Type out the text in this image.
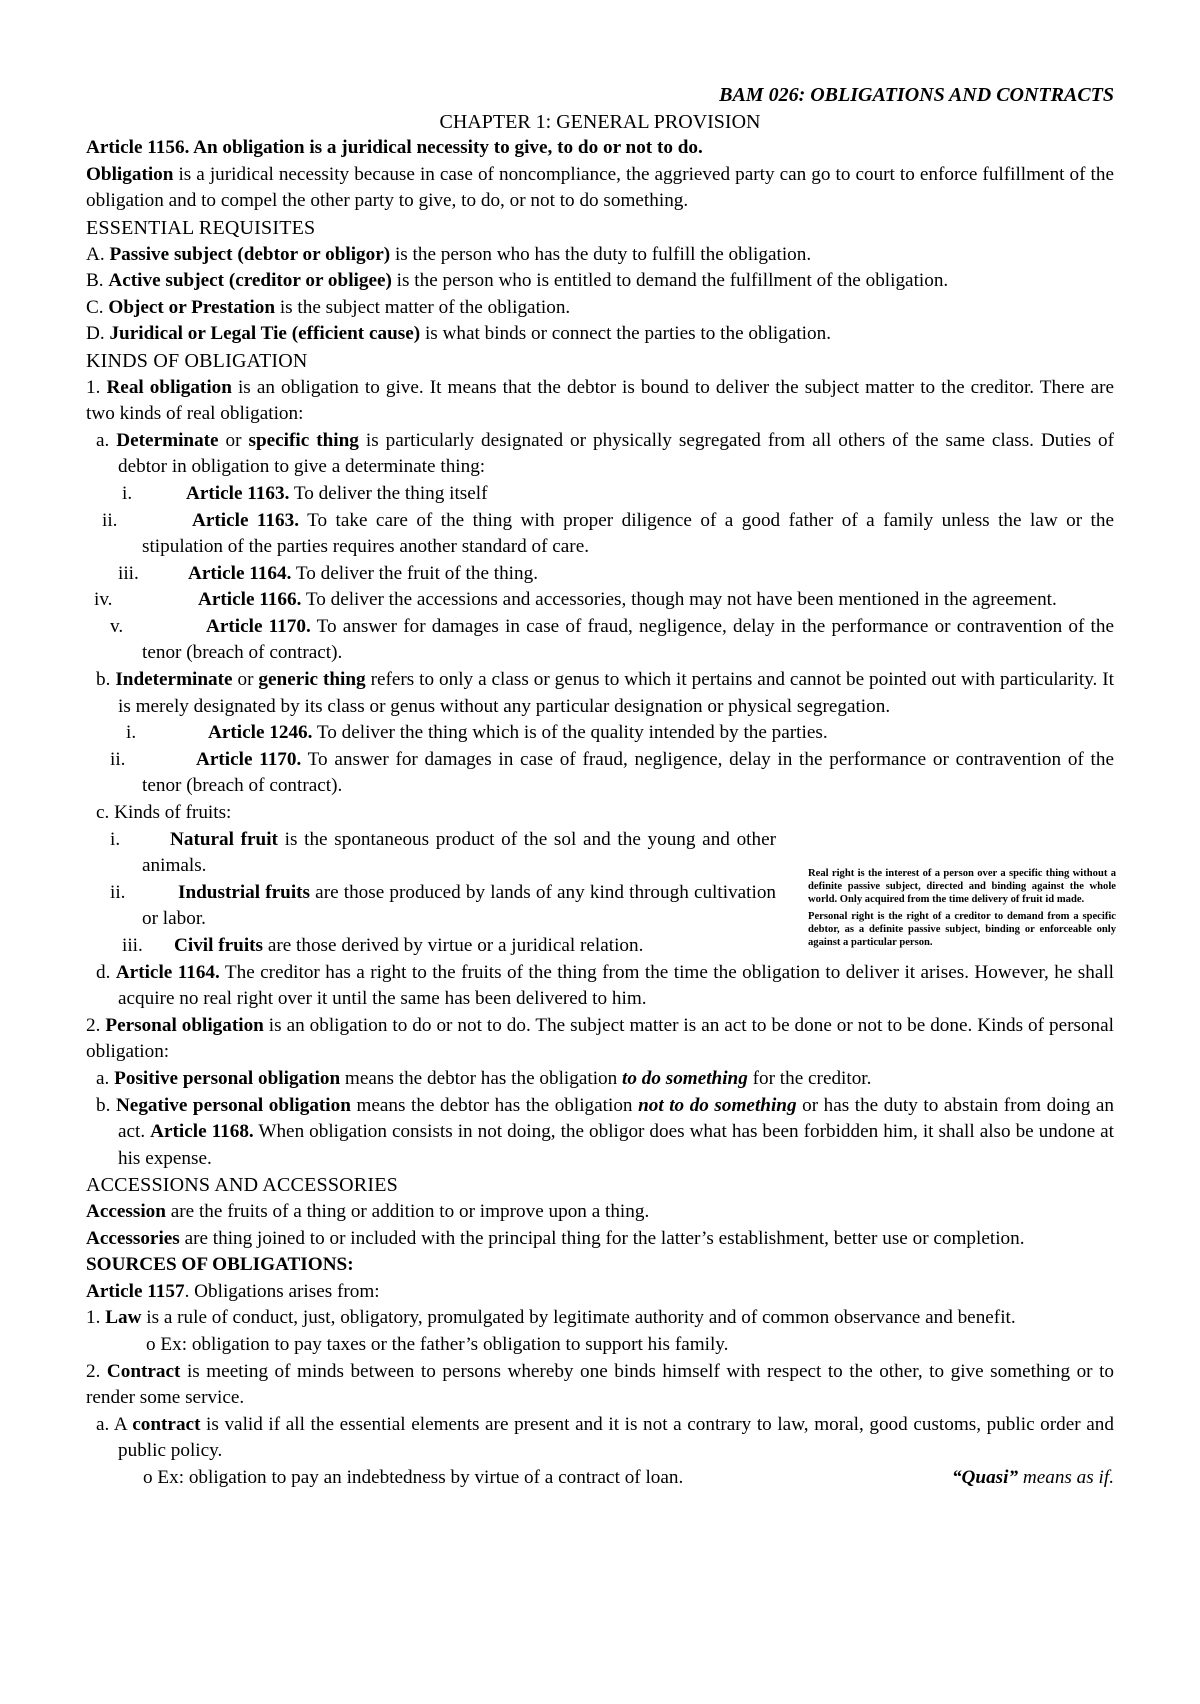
BAM 026: OBLIGATIONS AND CONTRACTS

CHAPTER 1: GENERAL PROVISION

Article 1156. An obligation is a juridical necessity to give, to do or not to do.

Obligation is a juridical necessity because in case of noncompliance, the aggrieved party can go to court to enforce fulfillment of the obligation and to compel the other party to give, to do, or not to do something.

ESSENTIAL REQUISITES

A. Passive subject (debtor or obligor) is the person who has the duty to fulfill the obligation.

B. Active subject (creditor or obligee) is the person who is entitled to demand the fulfillment of the obligation.

C. Object or Prestation is the subject matter of the obligation.

D. Juridical or Legal Tie (efficient cause) is what binds or connect the parties to the obligation.

KINDS OF OBLIGATION

1. Real obligation is an obligation to give. It means that the debtor is bound to deliver the subject matter to the creditor. There are two kinds of real obligation:

a. Determinate or specific thing is particularly designated or physically segregated from all others of the same class. Duties of debtor in obligation to give a determinate thing:

i.	Article 1163. To deliver the thing itself

ii.	Article 1163. To take care of the thing with proper diligence of a good father of a family unless the law or the stipulation of the parties requires another standard of care.

iii.	Article 1164. To deliver the fruit of the thing.

iv.	Article 1166. To deliver the accessions and accessories, though may not have been mentioned in the agreement.

v.	Article 1170. To answer for damages in case of fraud, negligence, delay in the performance or contravention of the tenor (breach of contract).

b. Indeterminate or generic thing refers to only a class or genus to which it pertains and cannot be pointed out with particularity. It is merely designated by its class or genus without any particular designation or physical segregation.

i.	Article 1246. To deliver the thing which is of the quality intended by the parties.

ii.	Article 1170. To answer for damages in case of fraud, negligence, delay in the performance or contravention of the tenor (breach of contract).

c. Kinds of fruits:

i.	Natural fruit is the spontaneous product of the sol and the young and other animals.

ii.	Industrial fruits are those produced by lands of any kind through cultivation or labor.

iii. Civil fruits are those derived by virtue or a juridical relation.

d. Article 1164. The creditor has a right to the fruits of the thing from the time the obligation to deliver it arises. However, he shall acquire no real right over it until the same has been delivered to him.

2. Personal obligation is an obligation to do or not to do. The subject matter is an act to be done or not to be done. Kinds of personal obligation:

a. Positive personal obligation means the debtor has the obligation to do something for the creditor.

b. Negative personal obligation means the debtor has the obligation not to do something or has the duty to abstain from doing an act. Article 1168. When obligation consists in not doing, the obligor does what has been forbidden him, it shall also be undone at his expense.

ACCESSIONS AND ACCESSORIES

Accession are the fruits of a thing or addition to or improve upon a thing.

Accessories are thing joined to or included with the principal thing for the latter’s establishment, better use or completion.

SOURCES OF OBLIGATIONS:

Article 1157. Obligations arises from:

1. Law is a rule of conduct, just, obligatory, promulgated by legitimate authority and of common observance and benefit.

o Ex: obligation to pay taxes or the father’s obligation to support his family.

2. Contract is meeting of minds between to persons whereby one binds himself with respect to the other, to give something or to render some service.

a. A contract is valid if all the essential elements are present and it is not a contrary to law, moral, good customs, public order and public policy.

“Quasi” means as if.
o Ex: obligation to pay an indebtedness by virtue of a contract of loan.

Real right is the interest of a person over a specific thing without a definite passive subject, directed and binding against the whole world. Only acquired from the time delivery of fruit id made.

Personal right is the right of a creditor to demand from a specific debtor, as a definite passive subject, binding or enforceable only against a particular person.
